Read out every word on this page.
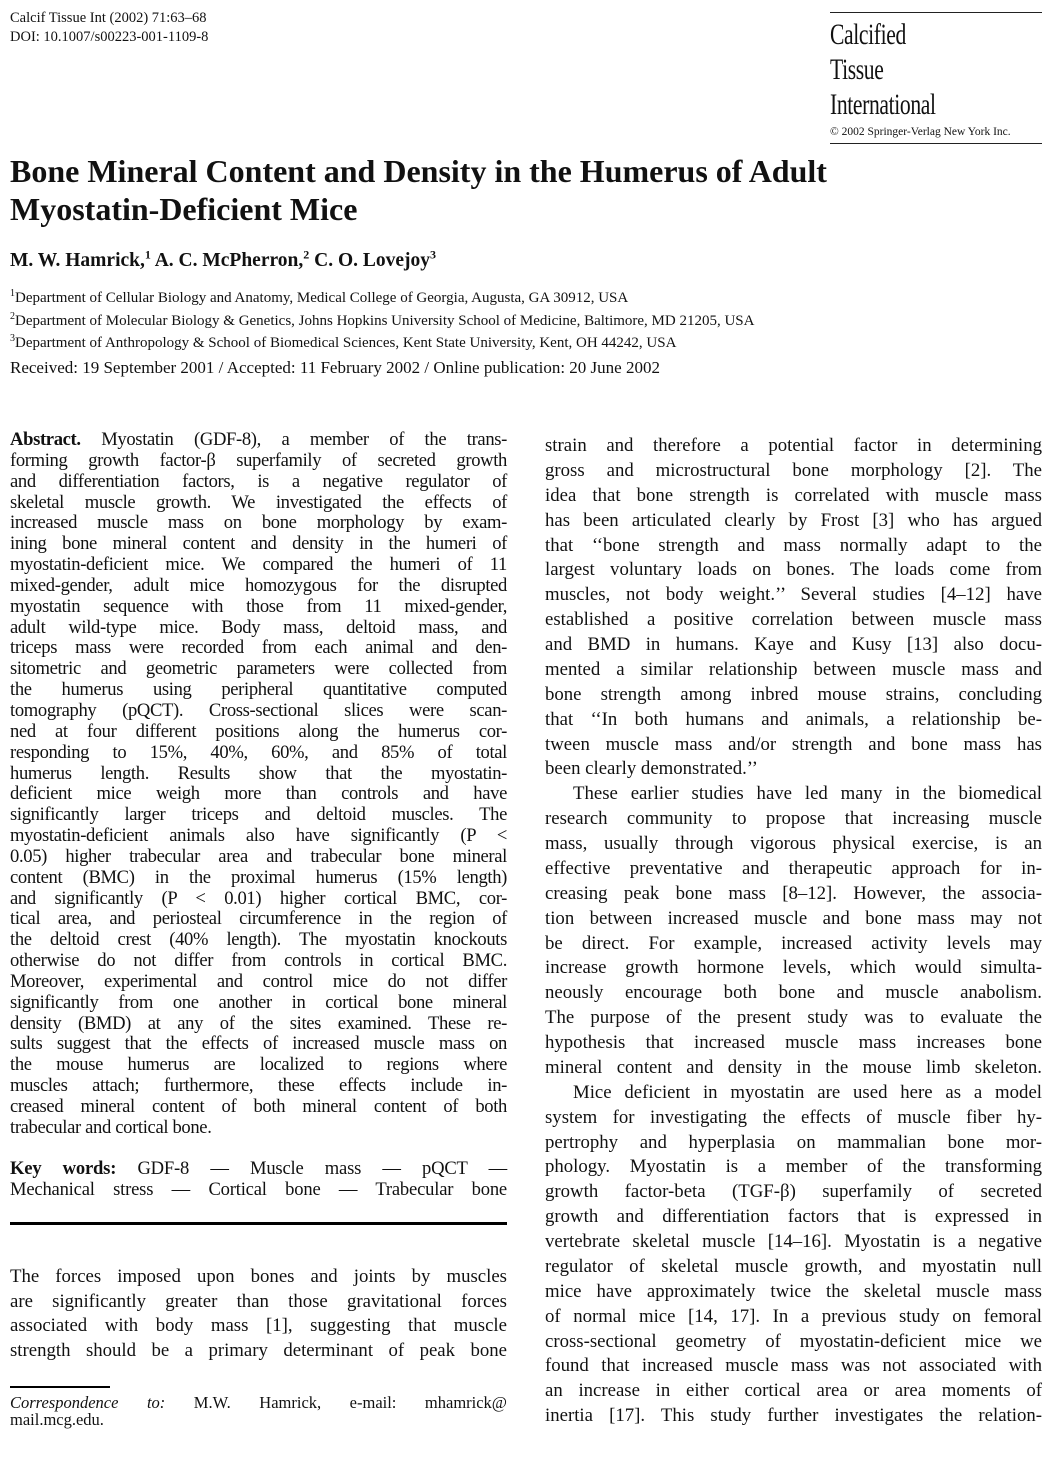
Calcif Tissue Int (2002) 71:63–68
DOI: 10.1007/s00223-001-1109-8	Calcified
Tissue
International
© 2002 Springer-Verlag New York Inc.
Bone Mineral Content and Density in the Humerus of Adult
Myostatin-Deficient Mice
M. W. Hamrick,$^1$ A. C. McPherron,$^2$ C. O. Lovejoy$^3$
$^1$Department of Cellular Biology and Anatomy, Medical College of Georgia, Augusta, GA 30912, USA
$^2$Department of Molecular Biology & Genetics, Johns Hopkins University School of Medicine, Baltimore, MD 21205, USA
$^3$Department of Anthropology & School of Biomedical Sciences, Kent State University, Kent, OH 44242, USA
Received: 19 September 2001 / Accepted: 11 February 2002 / Online publication: 20 June 2002
Abstract. Myostatin (GDF-8), a member of the trans-
forming growth factor-β superfamily of secreted growth
and differentiation factors, is a negative regulator of
skeletal muscle growth. We investigated the effects of
increased muscle mass on bone morphology by exam-
ining bone mineral content and density in the humeri of
myostatin-deficient mice. We compared the humeri of 11
mixed-gender, adult mice homozygous for the disrupted
myostatin sequence with those from 11 mixed-gender,
adult wild-type mice. Body mass, deltoid mass, and
triceps mass were recorded from each animal and den-
sitometric and geometric parameters were collected from
the humerus using peripheral quantitative computed
tomography (pQCT). Cross-sectional slices were scan-
ned at four different positions along the humerus cor-
responding to 15%, 40%, 60%, and 85% of total
humerus length. Results show that the myostatin-
deficient mice weigh more than controls and have
significantly larger triceps and deltoid muscles. The
myostatin-deficient animals also have significantly (P <
0.05) higher trabecular area and trabecular bone mineral
content (BMC) in the proximal humerus (15% length)
and significantly (P < 0.01) higher cortical BMC, cor-
tical area, and periosteal circumference in the region of
the deltoid crest (40% length). The myostatin knockouts
otherwise do not differ from controls in cortical BMC.
Moreover, experimental and control mice do not differ
significantly from one another in cortical bone mineral
density (BMD) at any of the sites examined. These re-
sults suggest that the effects of increased muscle mass on
the mouse humerus are localized to regions where
muscles attach; furthermore, these effects include in-
creased mineral content of both mineral content of both
trabecular and cortical bone.
Key words: GDF-8 — Muscle mass — pQCT —
Mechanical stress — Cortical bone — Trabecular bone
The forces imposed upon bones and joints by muscles
are significantly greater than those gravitational forces
associated with body mass [1], suggesting that muscle
strength should be a primary determinant of peak bone
Correspondence to: M.W. Hamrick, e-mail: mhamrick@
mail.mcg.edu.
strain and therefore a potential factor in determining
gross and microstructural bone morphology [2]. The
idea that bone strength is correlated with muscle mass
has been articulated clearly by Frost [3] who has argued
that ‘‘bone strength and mass normally adapt to the
largest voluntary loads on bones. The loads come from
muscles, not body weight.’’ Several studies [4–12] have
established a positive correlation between muscle mass
and BMD in humans. Kaye and Kusy [13] also docu-
mented a similar relationship between muscle mass and
bone strength among inbred mouse strains, concluding
that ‘‘In both humans and animals, a relationship be-
tween muscle mass and/or strength and bone mass has
been clearly demonstrated.’’
These earlier studies have led many in the biomedical
research community to propose that increasing muscle
mass, usually through vigorous physical exercise, is an
effective preventative and therapeutic approach for in-
creasing peak bone mass [8–12]. However, the associa-
tion between increased muscle and bone mass may not
be direct. For example, increased activity levels may
increase growth hormone levels, which would simulta-
neously encourage both bone and muscle anabolism.
The purpose of the present study was to evaluate the
hypothesis that increased muscle mass increases bone
mineral content and density in the mouse limb skeleton.
Mice deficient in myostatin are used here as a model
system for investigating the effects of muscle fiber hy-
pertrophy and hyperplasia on mammalian bone mor-
phology. Myostatin is a member of the transforming
growth factor-beta (TGF-β) superfamily of secreted
growth and differentiation factors that is expressed in
vertebrate skeletal muscle [14–16]. Myostatin is a negative
regulator of skeletal muscle growth, and myostatin null
mice have approximately twice the skeletal muscle mass
of normal mice [14, 17]. In a previous study on femoral
cross-sectional geometry of myostatin-deficient mice we
found that increased muscle mass was not associated with
an increase in either cortical area or area moments of
inertia [17]. This study further investigates the relation-
